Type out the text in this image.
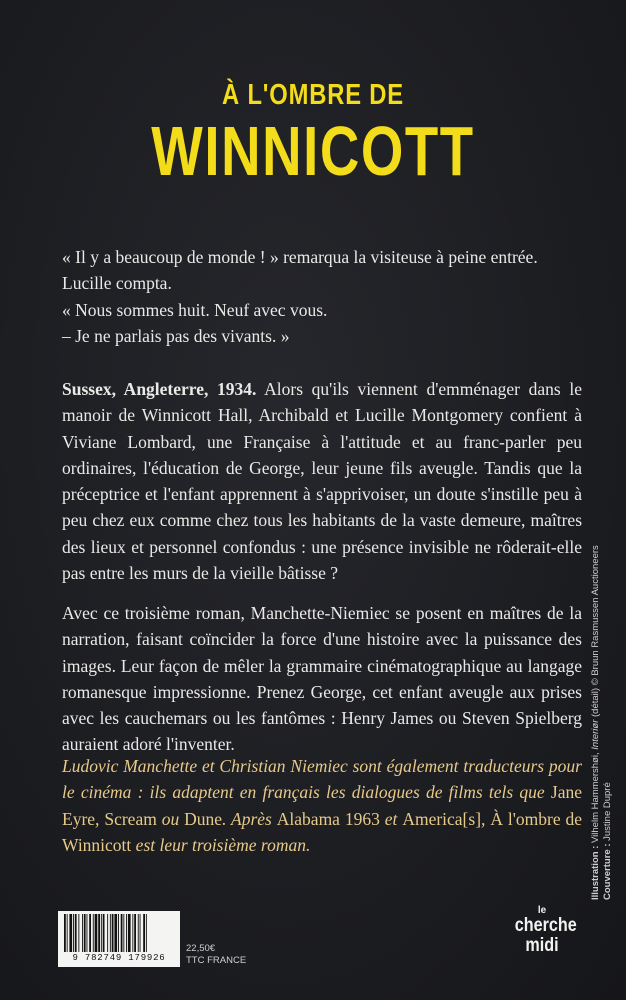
À L'OMBRE DE
WINNICOTT
« Il y a beaucoup de monde ! » remarqua la visiteuse à peine entrée.
Lucille compta.
« Nous sommes huit. Neuf avec vous.
– Je ne parlais pas des vivants. »
Sussex, Angleterre, 1934. Alors qu'ils viennent d'emménager dans le manoir de Winnicott Hall, Archibald et Lucille Montgomery confient à Viviane Lombard, une Française à l'attitude et au franc-parler peu ordinaires, l'éducation de George, leur jeune fils aveugle. Tandis que la préceptrice et l'enfant apprennent à s'apprivoiser, un doute s'instille peu à peu chez eux comme chez tous les habitants de la vaste demeure, maîtres des lieux et personnel confondus : une présence invisible ne rôderait-elle pas entre les murs de la vieille bâtisse ?
Avec ce troisième roman, Manchette-Niemiec se posent en maîtres de la narration, faisant coïncider la force d'une histoire avec la puissance des images. Leur façon de mêler la grammaire cinématographique au langage romanesque impressionne. Prenez George, cet enfant aveugle aux prises avec les cauchemars ou les fantômes : Henry James ou Steven Spielberg auraient adoré l'inventer.
Ludovic Manchette et Christian Niemiec sont également traducteurs pour le cinéma : ils adaptent en français les dialogues de films tels que Jane Eyre, Scream ou Dune. Après Alabama 1963 et America[s], À l'ombre de Winnicott est leur troisième roman.
Illustration : Vilhelm Hammershøi, Interiør (détail) © Bruun Rasmussen Auctioneers
Couverture : Justine Dupré
9 782749 179926
22,50€
TTC FRANCE
le
cherche
midi
